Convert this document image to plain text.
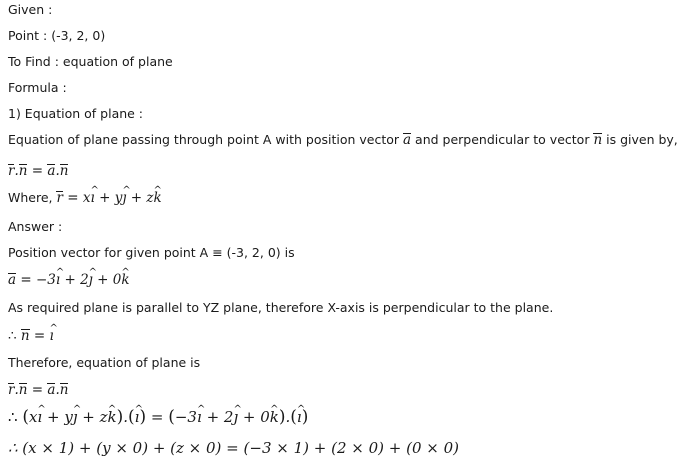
Given :
Point : (-3, 2, 0)
To Find : equation of plane
Formula :
1) Equation of plane :
Equation of plane passing through point A with position vector a and perpendicular to vector n is given by,
r.n = a.n
Where, r = x^ ı + y^ ȷ + z^ k
Answer :
Position vector for given point A ≡ (-3, 2, 0) is
a = −3^ ı + 2^ ȷ + 0^ k
As required plane is parallel to YZ plane, therefore X-axis is perpendicular to the plane.
∴ n = ^ ı
Therefore, equation of plane is
r.n = a.n
∴ (x^ ı + y^ ȷ + z^ k).(^ ı) = (−3^ ı + 2^ ȷ + 0^ k).(^ ı)
∴ (x × 1) + (y × 0) + (z × 0) = (−3 × 1) + (2 × 0) + (0 × 0)
